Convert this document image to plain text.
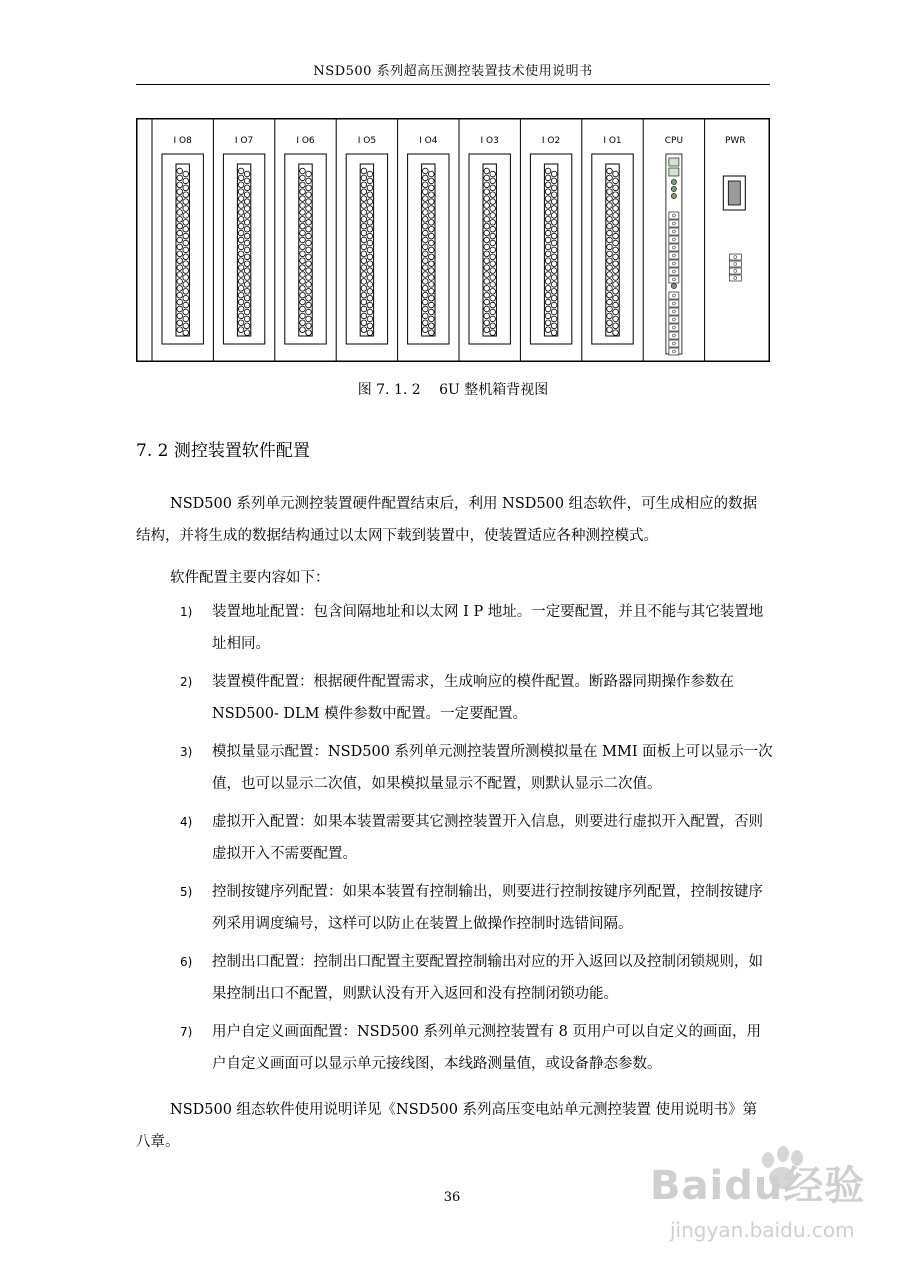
NSD500 系列超高压测控装置技术使用说明书
I O8	I O7	I O6	I O5	I O4	I O3	I O2	I O1	CPU	PWR
图 7. 1. 2　 6U 整机箱背视图
7. 2 测控装置软件配置
NSD500 系列单元测控装置硬件配置结束后，利用 NSD500 组态软件，可生成相应的数据结构，并将生成的数据结构通过以太网下载到装置中，使装置适应各种测控模式。
软件配置主要内容如下：
1)	装置地址配置：包含间隔地址和以太网 I P 地址。一定要配置，并且不能与其它装置地址相同。
2)	装置模件配置：根据硬件配置需求，生成响应的模件配置。断路器同期操作参数在 NSD500- DLM 模件参数中配置。一定要配置。
3)	模拟量显示配置：NSD500 系列单元测控装置所测模拟量在 MMI 面板上可以显示一次值，也可以显示二次值，如果模拟量显示不配置，则默认显示二次值。
4)	虚拟开入配置：如果本装置需要其它测控装置开入信息，则要进行虚拟开入配置，否则虚拟开入不需要配置。
5)	控制按键序列配置：如果本装置有控制输出，则要进行控制按键序列配置，控制按键序列采用调度编号，这样可以防止在装置上做操作控制时选错间隔。
6)	控制出口配置：控制出口配置主要配置控制输出对应的开入返回以及控制闭锁规则，如果控制出口不配置，则默认没有开入返回和没有控制闭锁功能。
7)	用户自定义画面配置：NSD500 系列单元测控装置有 8 页用户可以自定义的画面，用户自定义画面可以显示单元接线图，本线路测量值，或设备静态参数。
NSD500 组态软件使用说明详见《NSD500 系列高压变电站单元测控装置 使用说明书》第八章。
36	Baidu经验
jingyan.baidu.com
